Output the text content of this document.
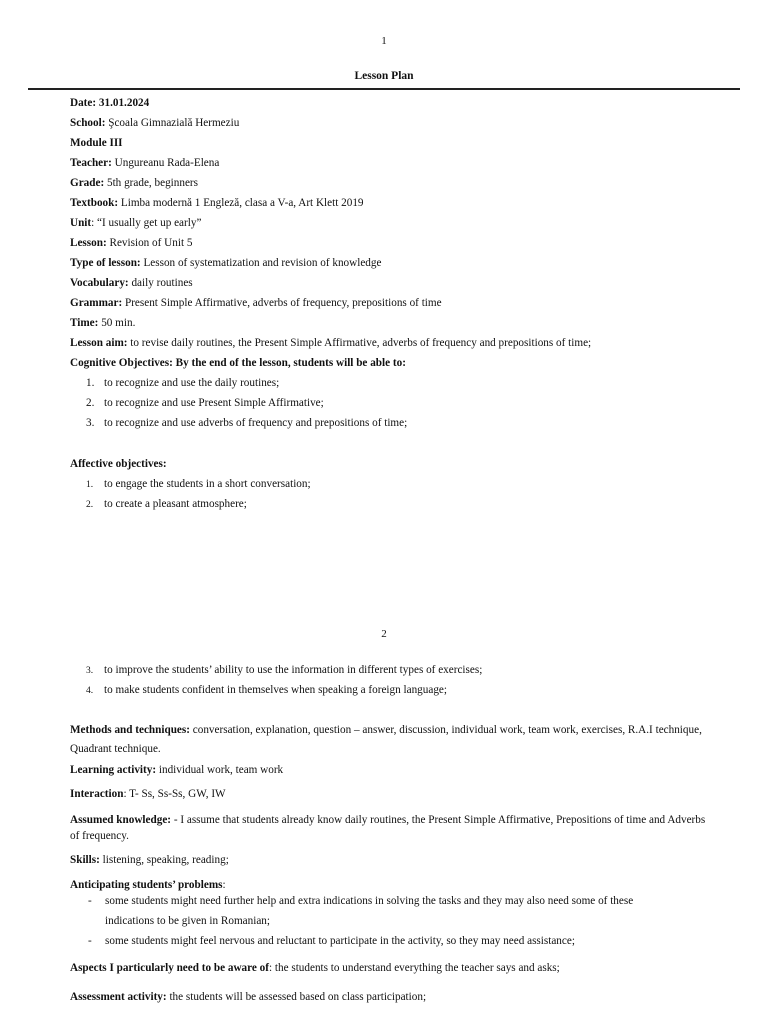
1
Lesson Plan
Date: 31.01.2024
School: Şcoala Gimnazială Hermeziu
Module III
Teacher: Ungureanu Rada-Elena
Grade: 5th grade, beginners
Textbook: Limba modernă 1 Engleză, clasa a V-a, Art Klett 2019
Unit: “I usually get up early”
Lesson: Revision of Unit 5
Type of lesson: Lesson of systematization and revision of knowledge
Vocabulary: daily routines
Grammar: Present Simple Affirmative, adverbs of frequency, prepositions of time
Time: 50 min.
Lesson aim: to revise daily routines, the Present Simple Affirmative, adverbs of frequency and prepositions of time;
Cognitive Objectives: By the end of the lesson, students will be able to:
1. to recognize and use the daily routines;
2. to recognize and use Present Simple Affirmative;
3. to recognize and use adverbs of frequency and prepositions of time;
Affective objectives:
1. to engage the students in a short conversation;
2. to create a pleasant atmosphere;
2
3. to improve the students’ ability to use the information in different types of exercises;
4. to make students confident in themselves when speaking a foreign language;
Methods and techniques: conversation, explanation, question – answer, discussion, individual work, team work, exercises, R.A.I technique, Quadrant technique.
Learning activity: individual work, team work
Interaction: T- Ss, Ss-Ss, GW, IW
Assumed knowledge: - I assume that students already know daily routines, the Present Simple Affirmative, Prepositions of time and Adverbs of frequency.
Skills: listening, speaking, reading;
Anticipating students’ problems:
- some students might need further help and extra indications in solving the tasks and they may also need some of these
indications to be given in Romanian;
- some students might feel nervous and reluctant to participate in the activity, so they may need assistance;
Aspects I particularly need to be aware of: the students to understand everything the teacher says and asks;
Assessment activity: the students will be assessed based on class participation;
